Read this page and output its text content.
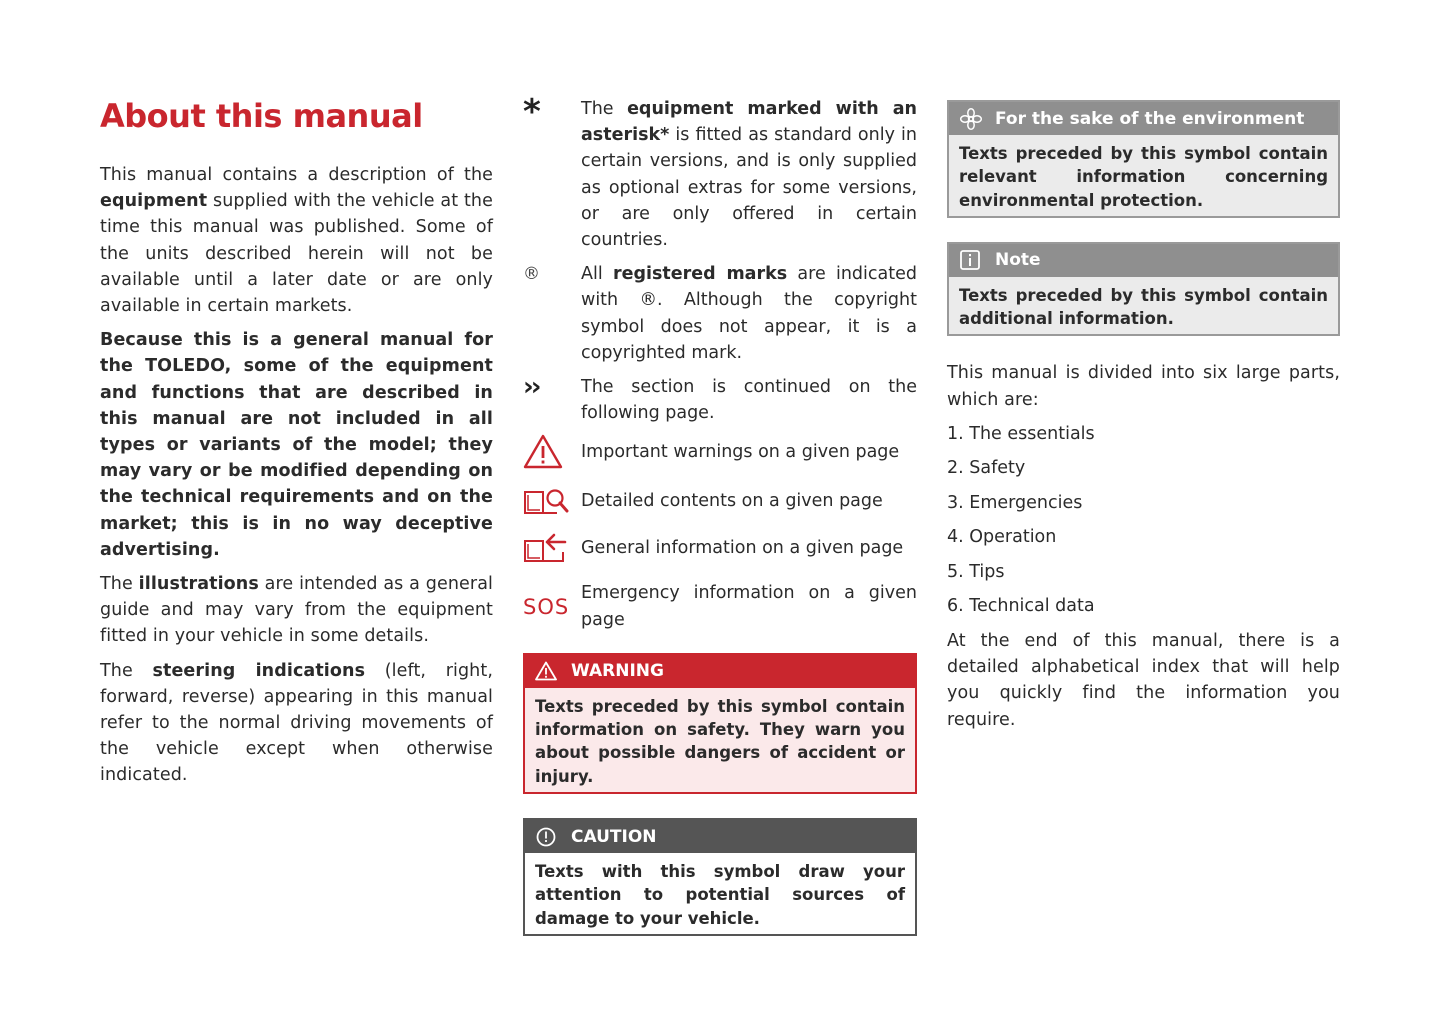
About this manual

This manual contains a description of the equipment supplied with the vehicle at the time this manual was published. Some of the units described herein will not be available until a later date or are only available in certain markets.

Because this is a general manual for the TOLEDO, some of the equipment and functions that are described in this manual are not included in all types or variants of the model; they may vary or be modified depending on the technical requirements and on the market; this is in no way deceptive advertising.

The illustrations are intended as a general guide and may vary from the equipment fitted in your vehicle in some details.

The steering indications (left, right, forward, reverse) appearing in this manual refer to the normal driving movements of the vehicle except when otherwise indicated.

* The equipment marked with an asterisk* is fitted as standard only in certain versions, and is only supplied as optional extras for some versions, or are only offered in certain countries.
® All registered marks are indicated with ®. Although the copyright symbol does not appear, it is a copyrighted mark.
›› The section is continued on the following page.
Important warnings on a given page
Detailed contents on a given page
General information on a given page
SOS
Emergency information on a given page
WARNING
Texts preceded by this symbol contain information on safety. They warn you about possible dangers of accident or injury.
CAUTION
Texts with this symbol draw your attention to potential sources of damage to your vehicle.
For the sake of the environment
Texts preceded by this symbol contain relevant information concerning environmental protection.
Note
Texts preceded by this symbol contain additional information.

This manual is divided into six large parts, which are:

1. The essentials
2. Safety
3. Emergencies
4. Operation
5. Tips
6. Technical data

At the end of this manual, there is a detailed alphabetical index that will help you quickly find the information you require.
